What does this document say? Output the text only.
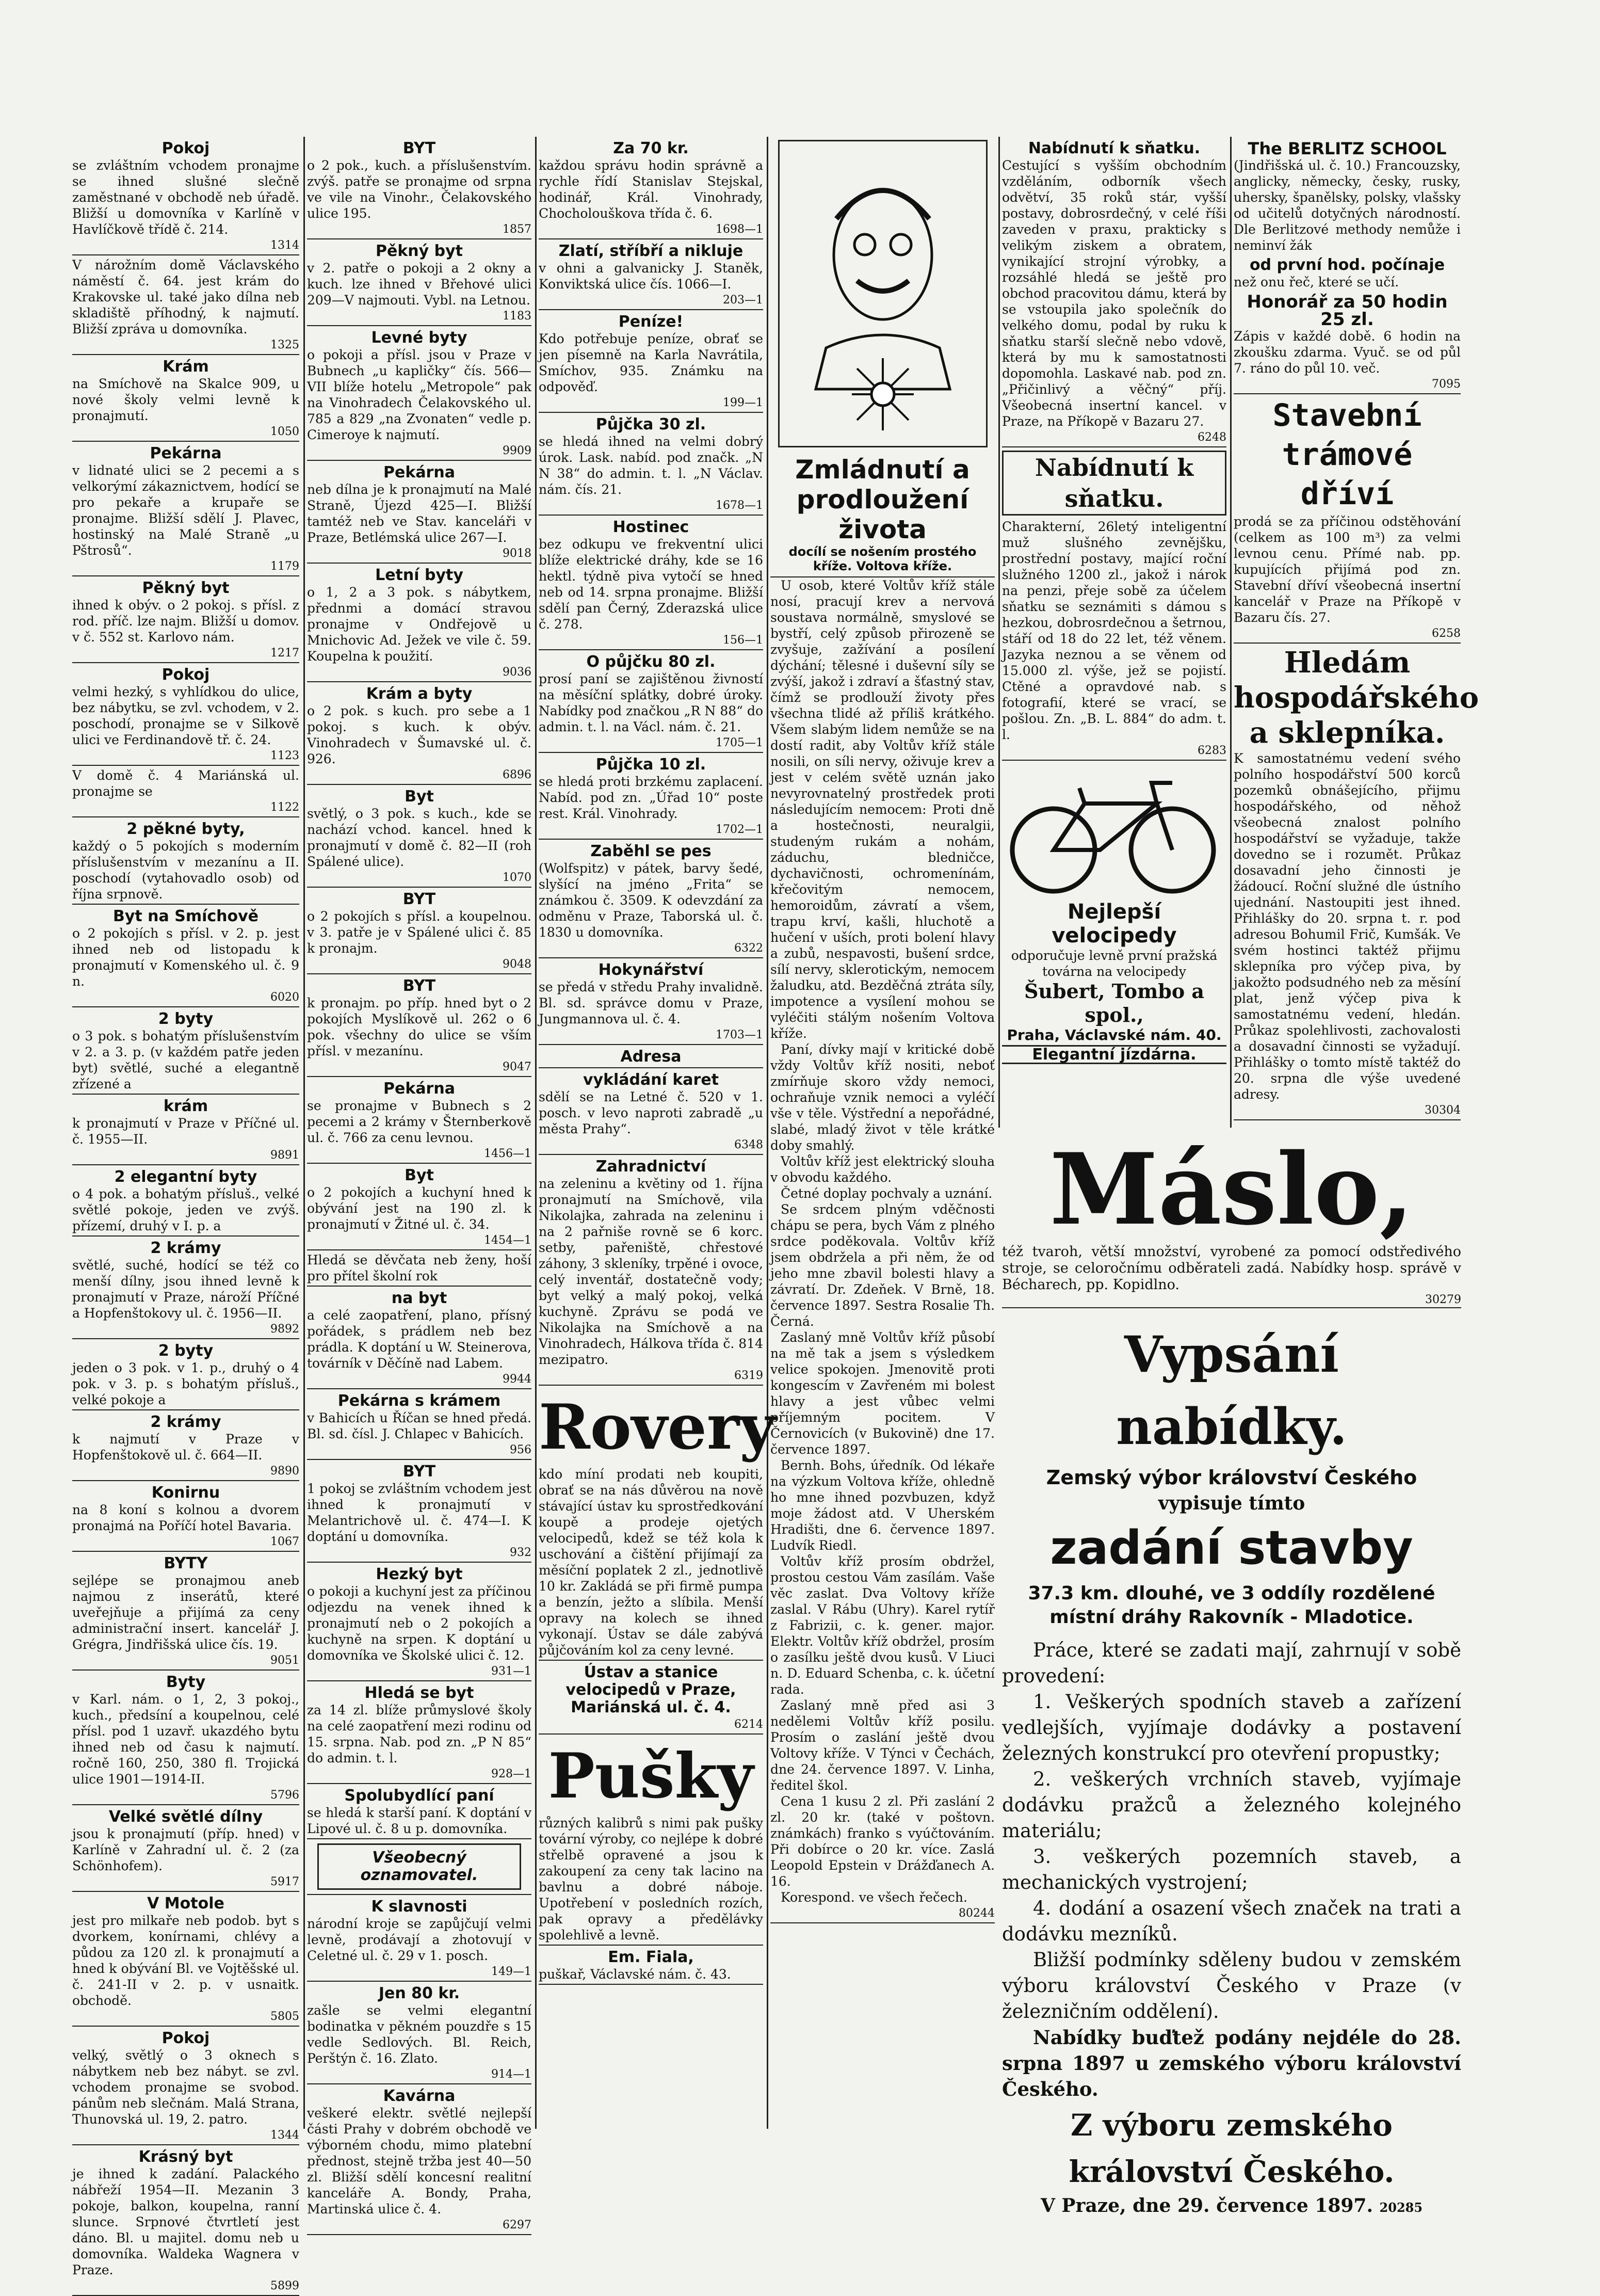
Pokoj
se zvláštním vchodem pronajme se ihned slušné slečně zaměstnané v obchodě neb úřadě. Bližší u domovníka v Karlíně v Havlíčkově třídě č. 214.
1314
V nárožním domě Václavského náměstí č. 64. jest krám do Krakovske ul. také jako dílna neb skladiště příhodný, k najmutí. Bližší zpráva u domovníka.
1325
Krám
na Smíchově na Skalce 909, u nové školy velmi levně k pronajmutí.
1050
Pekárna
v lidnaté ulici se 2 pecemi a s velkorýmí zákaznictvem, hodící se pro pekaře a krupaře se pronajme. Bližší sdělí J. Plavec, hostinský na Malé Straně „u Pštrosů“.
1179
Pěkný byt
ihned k obýv. o 2 pokoj. s přísl. z rod. příč. lze najm. Bližší u domov. v č. 552 st. Karlovo nám.
1217
Pokoj
velmi hezký, s vyhlídkou do ulice, bez nábytku, se zvl. vchodem, v 2. poschodí, pronajme se v Silkově ulici ve Ferdinandově tř. č. 24.
1123
V domě č. 4 Mariánská ul. pronajme se
1122
2 pěkné byty,
každý o 5 pokojích s moderním příslušenstvím v mezanínu a II. poschodí (vytahovadlo osob) od října srpnově.
Byt na Smíchově
o 2 pokojích s přísl. v 2. p. jest ihned neb od listopadu k pronajmutí v Komenského ul. č. 9 n.
6020
2 byty
o 3 pok. s bohatým příslušenstvím v 2. a 3. p. (v každém patře jeden byt) světlé, suché a elegantně zřízené a
krám
k pronajmutí v Praze v Příčné ul. č. 1955—II.
9891
2 elegantní byty
o 4 pok. a bohatým přísluš., velké světlé pokoje, jeden ve zvýš. přízemí, druhý v I. p. a
2 krámy
světlé, suché, hodící se též co menší dílny, jsou ihned levně k pronajmutí v Praze, nároží Příčné a Hopfenštokovy ul. č. 1956—II.
9892
2 byty
jeden o 3 pok. v 1. p., druhý o 4 pok. v 3. p. s bohatým přísluš., velké pokoje a
2 krámy
k najmutí v Praze v Hopfenštokově ul. č. 664—II.
9890
Konirnu
na 8 koní s kolnou a dvorem pronajmá na Poříčí hotel Bavaria.
1067
BYTY
sejlépe se pronajmou aneb najmou z inserátů, které uveřejňuje a přijímá za ceny administrační insert. kancelář J. Grégra, Jindřišská ulice čís. 19.
9051
Byty
v Karl. nám. o 1, 2, 3 pokoj., kuch., předsíní a koupelnou, celé přísl. pod 1 uzavř. ukazdého bytu ihned neb od času k najmutí. ročně 160, 250, 380 fl. Trojická ulice 1901—1914-II.
5796
Velké světlé dílny
jsou k pronajmutí (příp. hned) v Karlíně v Zahradní ul. č. 2 (za Schönhofem).
5917
V Motole
jest pro milkaře neb podob. byt s dvorkem, konírnami, chlévy a půdou za 120 zl. k pronajmutí a hned k obývání Bl. ve Vojtěšské ul. č. 241-II v 2. p. v usnaitk. obchodě.
5805
Pokoj
velký, světlý o 3 oknech s nábytkem neb bez nábyt. se zvl. vchodem pronajme se svobod. pánům neb slečnám. Malá Strana, Thunovská ul. 19, 2. patro.
1344
Krásný byt
je ihned k zadání. Palackého nábřeží 1954—II. Mezanin 3 pokoje, balkon, koupelna, ranní slunce. Srpnové čtvrtletí jest dáno. Bl. u majitel. domu neb u domovníka. Waldeka Wagnera v Praze.
5899
BYT
o 2 pok., kuch. a příslušenstvím. zvýš. patře se pronajme od srpna ve vile na Vinohr., Čelakovského ulice 195.
1857
Pěkný byt
v 2. patře o pokoji a 2 okny a kuch. lze ihned v Břehové ulici 209—V najmouti. Vybl. na Letnou.
1183
Levné byty
o pokoji a přísl. jsou v Praze v Bubnech „u kapličky“ čís. 566—VII blíže hotelu „Metropole“ pak na Vinohradech Čelakovského ul. 785 a 829 „na Zvonaten“ vedle p. Cimeroye k najmutí.
9909
Pekárna
neb dílna je k pronajmutí na Malé Straně, Újezd 425—I. Bližší tamtéž neb ve Stav. kanceláři v Praze, Betlémská ulice 267—I.
9018
Letní byty
o 1, 2 a 3 pok. s nábytkem, přednmi a domácí stravou pronajme v Ondřejově u Mnichovic Ad. Ježek ve vile č. 59. Koupelna k použití.
9036
Krám a byty
o 2 pok. s kuch. pro sebe a 1 pokoj. s kuch. k obýv. Vinohradech v Šumavské ul. č. 926.
6896
Byt
světlý, o 3 pok. s kuch., kde se nachází vchod. kancel. hned k pronajmutí v domě č. 82—II (roh Spálené ulice).
1070
BYT
o 2 pokojích s přísl. a koupelnou. v 3. patře je v Spálené ulici č. 85 k pronajm.
9048
BYT
k pronajm. po příp. hned byt o 2 pokojích Myslíkově ul. 262 o 6 pok. všechny do ulice se vším přísl. v mezanínu.
9047
Pekárna
se pronajme v Bubnech s 2 pecemi a 2 krámy v Šternberkově ul. č. 766 za cenu levnou.
1456—1
Byt
o 2 pokojích a kuchyní hned k obývání jest na 190 zl. k pronajmutí v Žitné ul. č. 34.
1454—1
Hledá se děvčata neb ženy, hoší pro přítel školní rok
na byt
a celé zaopatření, plano, přísný pořádek, s prádlem neb bez prádla. K doptání u W. Steinerova, továrník v Děčíně nad Labem.
9944
Pekárna s krámem
v Bahicích u Říčan se hned předá. Bl. sd. čísl. J. Chlapec v Bahicích.
956
BYT
1 pokoj se zvláštním vchodem jest ihned k pronajmutí v Melantrichově ul. č. 474—I. K doptání u domovníka.
932
Hezký byt
o pokoji a kuchyní jest za příčinou odjezdu na venek ihned k pronajmutí neb o 2 pokojích a kuchyně na srpen. K doptání u domovníka ve Školské ulici č. 12.
931—1
Hledá se byt
za 14 zl. blíže průmyslové školy na celé zaopatření mezi rodinu od 15. srpna. Nab. pod zn. „P N 85“ do admin. t. l.
928—1
Spolubydlící paní
se hledá k starší paní. K doptání v Lipové ul. č. 8 u p. domovníka.
Všeobecný oznamovatel.
K slavnosti
národní kroje se zapůjčují velmi levně, prodávají a zhotovují v Celetné ul. č. 29 v 1. posch.
149—1
Jen 80 kr.
zašle se velmi elegantní bodinatka v pěkném pouzdře s 15 vedle Sedlových. Bl. Reich, Perštýn č. 16. Zlato.
914—1
Kavárna
veškeré elektr. světlé nejlepší části Prahy v dobrém obchodě ve výborném chodu, mimo platební přednost, stejně tržba jest 40—50 zl. Bližší sdělí koncesní realitní kanceláře A. Bondy, Praha, Martinská ulice č. 4.
6297
Za 70 kr.
každou správu hodin správně a rychle řídí Stanislav Stejskal, hodinář, Král. Vinohrady, Chocholouškova třída č. 6.
1698—1
Zlatí, stříbří a nikluje
v ohni a galvanicky J. Staněk, Konviktská ulice čís. 1066—I.
203—1
Peníze!
Kdo potřebuje peníze, obrať se jen písemně na Karla Navrátila, Smíchov, 935. Známku na odpověď.
199—1
Půjčka 30 zl.
se hledá ihned na velmi dobrý úrok. Lask. nabíd. pod značk. „N N 38“ do admin. t. l. „N Václav. nám. čís. 21.
1678—1
Hostinec
bez odkupu ve frekventní ulici blíže elektrické dráhy, kde se 16 hektl. týdně piva vytočí se hned neb od 14. srpna pronajme. Bližší sdělí pan Černý, Zderazská ulice č. 278.
156—1
O půjčku 80 zl.
prosí paní se zajištěnou živností na měsíční splátky, dobré úroky. Nabídky pod značkou „R N 88“ do admin. t. l. na Václ. nám. č. 21.
1705—1
Půjčka 10 zl.
se hledá proti brzkému zaplacení. Nabíd. pod zn. „Úřad 10“ poste rest. Král. Vinohrady.
1702—1
Zaběhl se pes
(Wolfspitz) v pátek, barvy šedé, slyšící na jméno „Frita“ se známkou č. 3509. K odevzdání za odměnu v Praze, Taborská ul. č. 1830 u domovníka.
6322
Hokynářství
se předá v středu Prahy invalidně. Bl. sd. správce domu v Praze, Jungmannova ul. č. 4.
1703—1
Adresa
vykládání karet
sdělí se na Letné č. 520 v 1. posch. v levo naproti zabradě „u města Prahy“.
6348
Zahradnictví
na zeleninu a květiny od 1. října pronajmutí na Smíchově, vila Nikolajka, zahrada na zeleninu i na 2 pařniše rovně se 6 korc. setby, pařeniště, chřestové záhony, 3 skleníky, trpěné i ovoce, celý inventář, dostatečně vody; byt velký a malý pokoj, velká kuchyně. Zprávu se podá ve Nikolajka na Smíchově a na Vinohradech, Hálkova třída č. 814 mezipatro.
6319
Rovery
kdo míní prodati neb koupiti, obrať se na nás důvěrou na nově stávající ústav ku sprostředkování koupě a prodeje ojetých velocipedů, kdež se též kola k uschování a čištění přijímají za měsíční poplatek 2 zl., jednotlivě 10 kr. Zakládá se při firmě pumpa a benzín, ježto a slíbila. Menší opravy na kolech se ihned vykonají. Ústav se dále zabývá půjčováním kol za ceny levné.
Ústav a stanice velocipedů v Praze, Mariánská ul. č. 4.
6214
Pušky
různých kalibrů s nimi pak pušky tovární výroby, co nejlépe k dobré střelbě opravené a jsou k zakoupení za ceny tak lacino na bavlnu a dobré náboje. Upotřebení v posledních rozích, pak opravy a předělávky spolehlivě a levně.
Em. Fiala,
puškař, Václavské nám. č. 43.
Zmládnutí a prodloužení života
docílí se nošením prostého kříže. Voltova kříže.
U osob, které Voltův kříž stále nosí, pracují krev a nervová soustava normálně, smyslové se bystří, celý způsob přirozeně se zvyšuje, zažívání a posílení dýchání; tělesné i duševní síly se zvýší, jakož i zdraví a šťastný stav, čímž se prodlouží životy přes všechna tlidé až příliš krátkého. Všem slabým lidem nemůže se na dostí radit, aby Voltův kříž stále nosili, on síli nervy, oživuje krev a jest v celém světě uznán jako nevyrovnatelný prostředek proti následujícím nemocem: Proti dně a hostečnosti, neuralgii, studeným rukám a nohám, záduchu, bledničce, dychavičnosti, ochromenínám, křečovitým nemocem, hemoroidům, závratí a všem, trapu krví, kašli, hluchotě a hučení v uších, proti bolení hlavy a zubů, nespavosti, bušení srdce, sílí nervy, sklerotickým, nemocem žaludku, atd. Bezděčná ztráta síly, impotence a vysílení mohou se vyléčiti stálým nošením Voltova kříže.
Paní, dívky mají v kritické době vždy Voltův kříž nositi, neboť zmírňuje skoro vždy nemoci, ochraňuje vznik nemoci a vyléčí vše v těle. Výstřední a nepořádné, slabé, mladý život v těle krátké doby smahlý.
Voltův kříž jest elektrický slouha v obvodu každého.
Četné doplay pochvaly a uznání.
Se srdcem plným vděčnosti chápu se pera, bych Vám z plného srdce poděkovala. Voltův kříž jsem obdržela a při něm, že od jeho mne zbavil bolesti hlavy a závratí. Dr. Zdeňek. V Brně, 18. července 1897. Sestra Rosalie Th. Černá.
Zaslaný mně Voltův kříž působí na mě tak a jsem s výsledkem velice spokojen. Jmenovitě proti kongescím v Zavřeném mi bolest hlavy a jest vůbec velmi příjemným pocitem. V Černovicích (v Bukovině) dne 17. července 1897.
Bernh. Bohs, úředník. Od lékaře na výzkum Voltova kříže, ohledně ho mne ihned pozvbuzen, když moje žádost atd. V Uherském Hradišti, dne 6. července 1897. Ludvík Riedl.
Voltův kříž prosím obdržel, prostou cestou Vám zasílám. Vaše věc zaslat. Dva Voltovy kříže zaslal. V Rábu (Uhry). Karel rytíř z Fabrizii, c. k. gener. major. Elektr. Voltův kříž obdržel, prosím o zasílku ještě dvou kusů. V Liuci n. D. Eduard Schenba, c. k. účetní rada.
Zaslaný mně před asi 3 nedělemi Voltův kříž posilu. Prosím o zaslání ještě dvou Voltovy kříže. V Týnci v Čechách, dne 24. července 1897. V. Linha, ředitel škol.
Cena 1 kusu 2 zl. Při zaslání 2 zl. 20 kr. (také v poštovn. známkách) franko s vyúčtováním. Při dobírce o 20 kr. více. Zaslá Leopold Epstein v Drážďanech A. 16.
Korespond. ve všech řečech.
80244
Nabídnutí k sňatku.
Cestující s vyšším obchodním vzděláním, odborník všech odvětví, 35 roků stár, vyšší postavy, dobrosrdečný, v celé říši zaveden v praxu, prakticky s velikým ziskem a obratem, vynikající strojní výrobky, a rozsáhlé hledá se ještě pro obchod pracovitou dámu, která by se vstoupila jako společník do velkého domu, podal by ruku k sňatku starší slečně nebo vdově, která by mu k samostatnosti dopomohla. Laskavé nab. pod zn. „Přičinlivý a věčný“ příj. Všeobecná insertní kancel. v Praze, na Příkopě v Bazaru 27.
6248
Nabídnutí k sňatku.
Charakterní, 26letý inteligentní muž slušného zevnějšku, prostřední postavy, mající roční služného 1200 zl., jakož i nárok na penzi, přeje sobě za účelem sňatku se seznámiti s dámou s hezkou, dobrosrdečnou a šetrnou, stáří od 18 do 22 let, též věnem. Jazyka neznou a se věnem od 15.000 zl. výše, jež se pojistí. Ctěné a opravdové nab. s fotografií, které se vrací, se pošlou. Zn. „B. L. 884“ do adm. t. l.
6283
Nejlepší velocipedy
odporučuje levně první pražská továrna na velocipedy
Šubert, Tombo a spol.,
Praha, Václavské nám. 40.
Elegantní jízdárna.
The BERLITZ SCHOOL
(Jindřišská ul. č. 10.) Francouzsky, anglicky, německy, česky, rusky, uhersky, španělsky, polsky, vlašsky od učitelů dotyčných národností. Dle Berlitzové methody nemůže i neminví žák
od první hod. počínaje
než onu řeč, které se učí.
Honorář za 50 hodin 25 zl.
Zápis v každé době. 6 hodin na zkoušku zdarma. Vyuč. se od půl 7. ráno do půl 10. več.
7095
Stavební trámové dříví
prodá se za příčinou odstěhování (celkem as 100 m³) za velmi levnou cenu. Přímé nab. pp. kupujících přijímá pod zn. Stavební dříví všeobecná insertní kancelář v Praze na Příkopě v Bazaru čís. 27.
6258
Hledám hospodářského a sklepníka.
K samostatnému vedení svého polního hospodářství 500 korců pozemků obnášejícího, přijmu hospodářského, od něhož všeobecná znalost polního hospodářství se vyžaduje, takže dovedno se i rozumět. Průkaz dosavadní jeho činnosti je žádoucí. Roční služné dle ústního ujednání. Nastoupiti jest ihned. Přihlášky do 20. srpna t. r. pod adresou Bohumil Frič, Kumšák. Ve svém hostinci taktéž přijmu sklepníka pro výčep piva, by jakožto podsudného neb za měsíní plat, jenž výčep piva k samostatnému vedení, hledán. Průkaz spolehlivosti, zachovalosti a dosavadní činnosti se vyžadují. Přihlášky o tomto místě taktéž do 20. srpna dle výše uvedené adresy.
30304
Máslo,
též tvaroh, větší množství, vyrobené za pomocí odstředivého stroje, se celoročnímu odběrateli zadá. Nabídky hosp. správě v Bécharech, pp. Kopidlno.
30279
Vypsání nabídky.
Zemský výbor království Českého
vypisuje tímto
zadání stavby
37.3 km. dlouhé, ve 3 oddíly rozdělené místní dráhy Rakovník - Mladotice.
Práce, které se zadati mají, zahrnují v sobě provedení:
1. Veškerých spodních staveb a zařízení vedlejších, vyjímaje dodávky a postavení železných konstrukcí pro otevření propustky;
2. veškerých vrchních staveb, vyjímaje dodávku pražců a železného kolejného materiálu;
3. veškerých pozemních staveb, a mechanických vystrojení;
4. dodání a osazení všech značek na trati a dodávku mezníků.
Bližší podmínky sděleny budou v zemském výboru království Českého v Praze (v železničním oddělení).
Nabídky buďtež podány nejdéle do 28. srpna 1897 u zemského výboru království Českého.
Z výboru zemského království Českého.
V Praze, dne 29. července 1897. 20285
